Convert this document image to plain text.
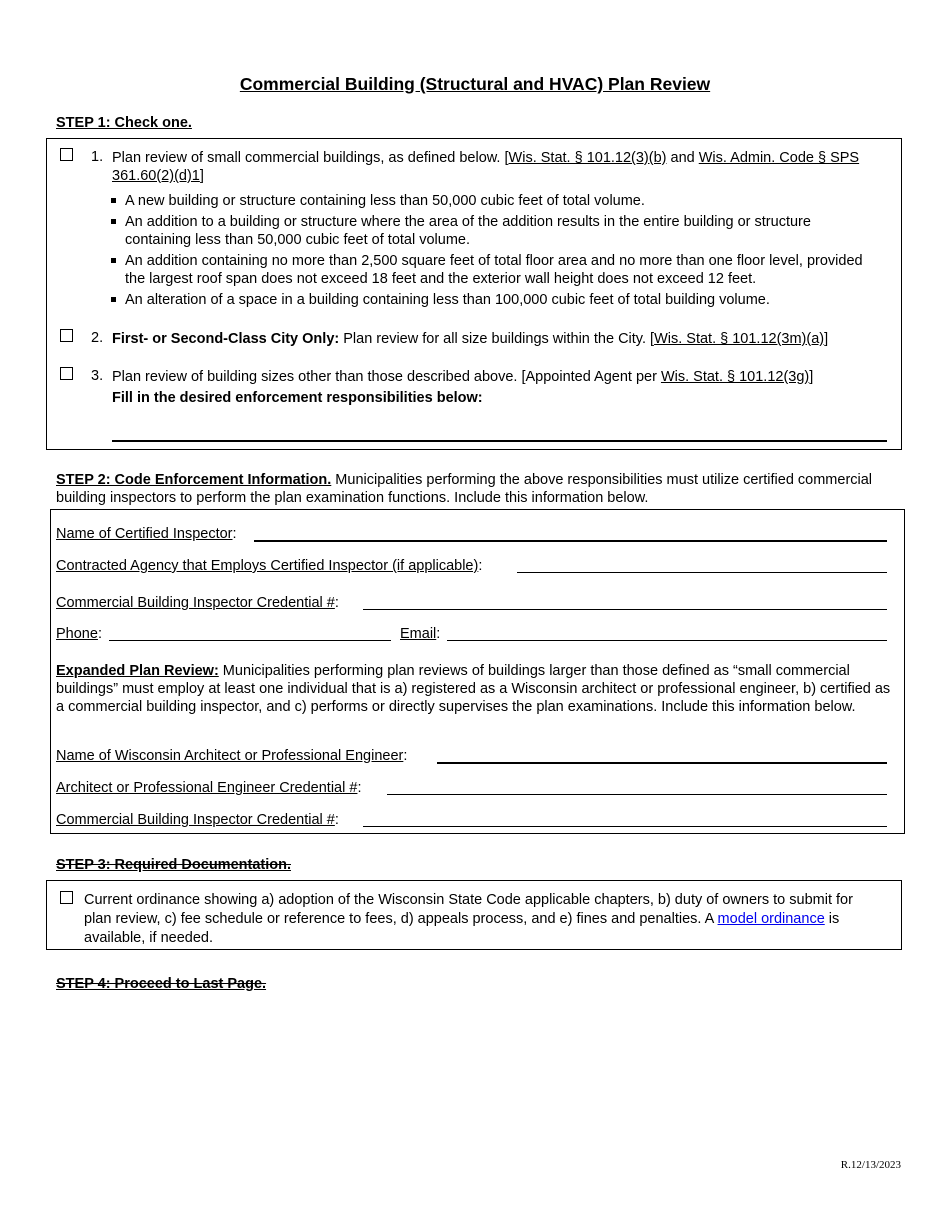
Commercial Building (Structural and HVAC) Plan Review
STEP 1: Check one.
1. Plan review of small commercial buildings, as defined below. [Wis. Stat. § 101.12(3)(b) and Wis. Admin. Code § SPS 361.60(2)(d)1]
A new building or structure containing less than 50,000 cubic feet of total volume.
An addition to a building or structure where the area of the addition results in the entire building or structure containing less than 50,000 cubic feet of total volume.
An addition containing no more than 2,500 square feet of total floor area and no more than one floor level, provided the largest roof span does not exceed 18 feet and the exterior wall height does not exceed 12 feet.
An alteration of a space in a building containing less than 100,000 cubic feet of total building volume.
2. First- or Second-Class City Only: Plan review for all size buildings within the City. [Wis. Stat. § 101.12(3m)(a)]
3. Plan review of building sizes other than those described above. [Appointed Agent per Wis. Stat. § 101.12(3g)]
Fill in the desired enforcement responsibilities below:
STEP 2: Code Enforcement Information. Municipalities performing the above responsibilities must utilize certified commercial building inspectors to perform the plan examination functions. Include this information below.
Name of Certified Inspector:
Contracted Agency that Employs Certified Inspector (if applicable):
Commercial Building Inspector Credential #:
Phone:	Email:
Expanded Plan Review: Municipalities performing plan reviews of buildings larger than those defined as “small commercial buildings” must employ at least one individual that is a) registered as a Wisconsin architect or professional engineer, b) certified as a commercial building inspector, and c) performs or directly supervises the plan examinations. Include this information below.
Name of Wisconsin Architect or Professional Engineer:
Architect or Professional Engineer Credential #:
Commercial Building Inspector Credential #:
STEP 3: Required Documentation.
Current ordinance showing a) adoption of the Wisconsin State Code applicable chapters, b) duty of owners to submit for plan review, c) fee schedule or reference to fees, d) appeals process, and e) fines and penalties. A model ordinance is available, if needed.
STEP 4: Proceed to Last Page.
R.12/13/2023
